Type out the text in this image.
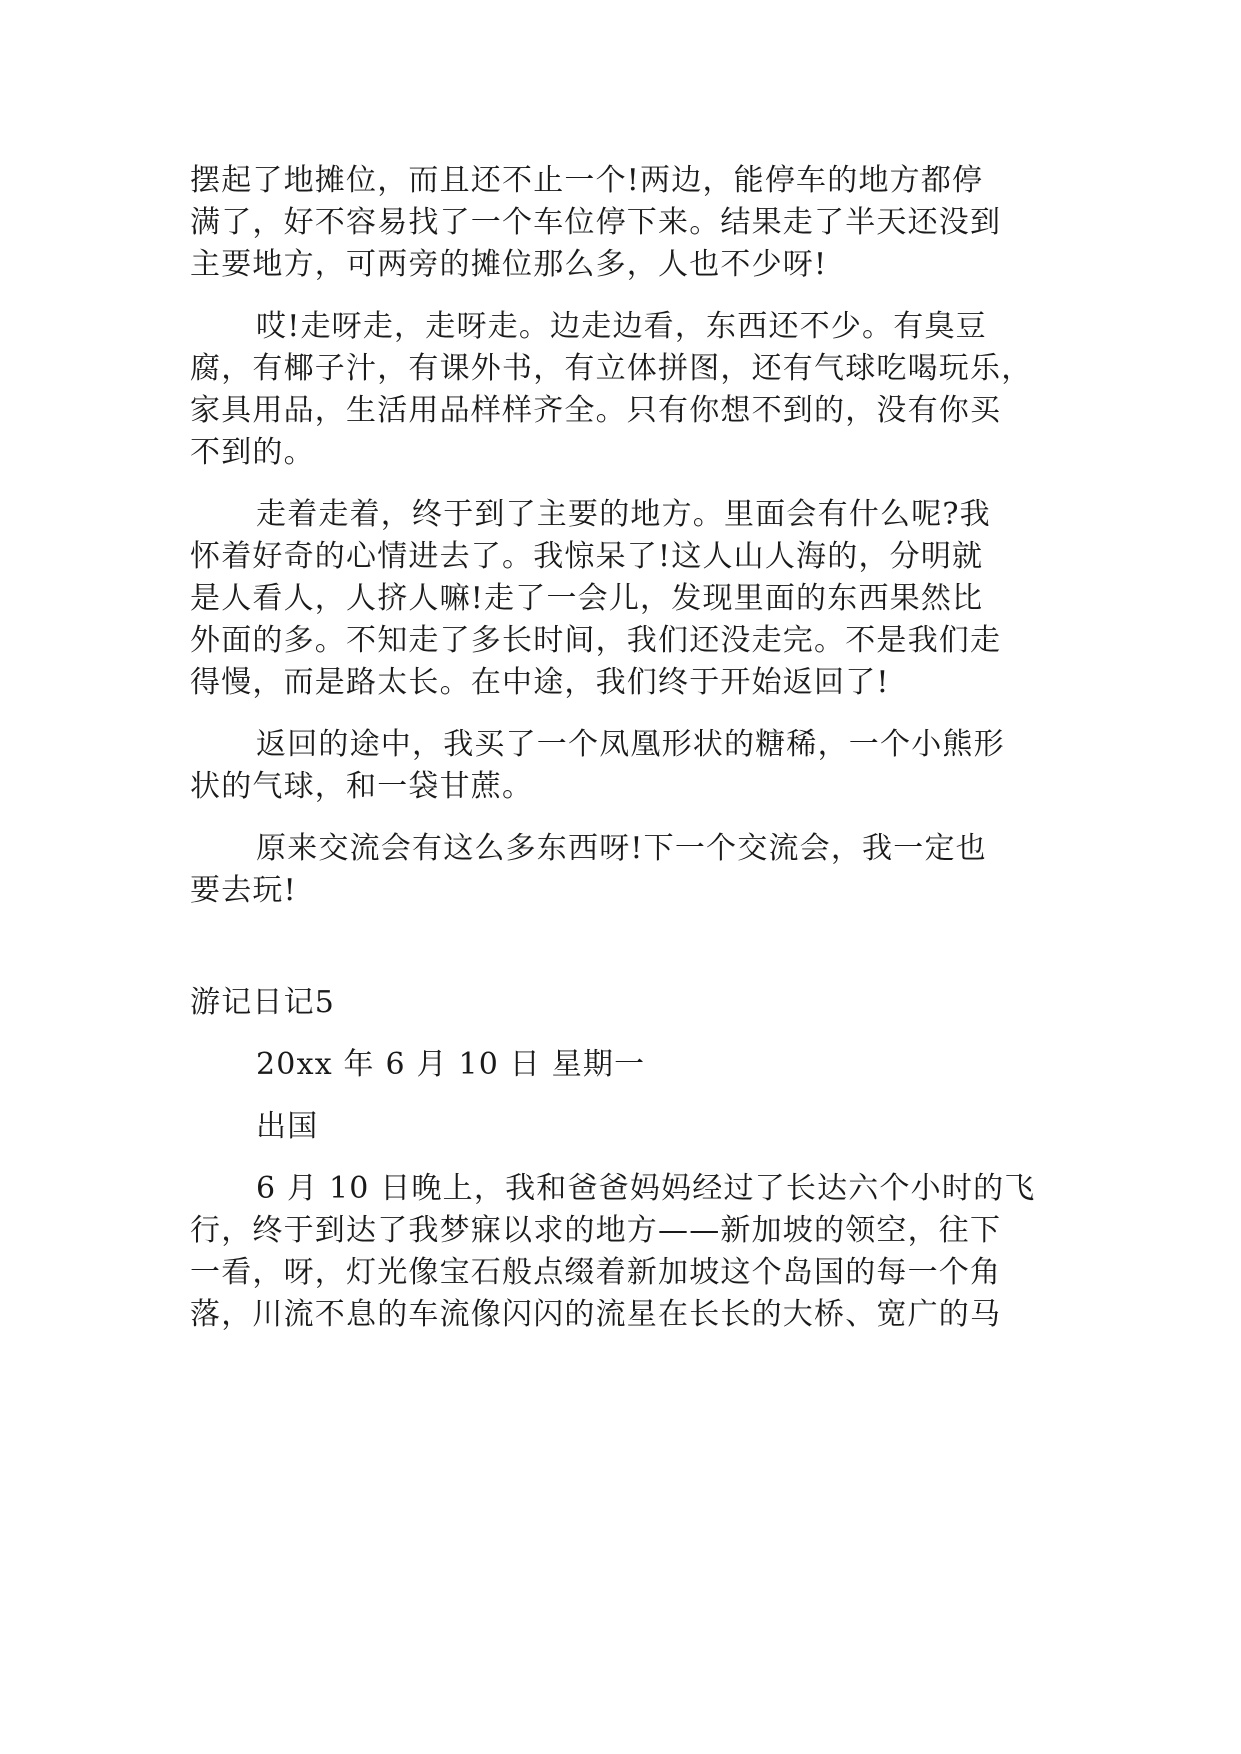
摆起了地摊位，而且还不止一个!两边，能停车的地方都停
满了，好不容易找了一个车位停下来。结果走了半天还没到
主要地方，可两旁的摊位那么多，人也不少呀!
哎!走呀走，走呀走。边走边看，东西还不少。有臭豆
腐，有椰子汁，有课外书，有立体拼图，还有气球吃喝玩乐，
家具用品，生活用品样样齐全。只有你想不到的，没有你买
不到的。
走着走着，终于到了主要的地方。里面会有什么呢?我
怀着好奇的心情进去了。我惊呆了!这人山人海的，分明就
是人看人，人挤人嘛!走了一会儿，发现里面的东西果然比
外面的多。不知走了多长时间，我们还没走完。不是我们走
得慢，而是路太长。在中途，我们终于开始返回了!
返回的途中，我买了一个凤凰形状的糖稀，一个小熊形
状的气球，和一袋甘蔗。
原来交流会有这么多东西呀!下一个交流会，我一定也
要去玩!
游记日记5
20xx 年 6 月 10 日 星期一
出国
6 月 10 日晚上，我和爸爸妈妈经过了长达六个小时的飞
行，终于到达了我梦寐以求的地方——新加坡的领空，往下
一看，呀，灯光像宝石般点缀着新加坡这个岛国的每一个角
落，川流不息的车流像闪闪的流星在长长的大桥、宽广的马
